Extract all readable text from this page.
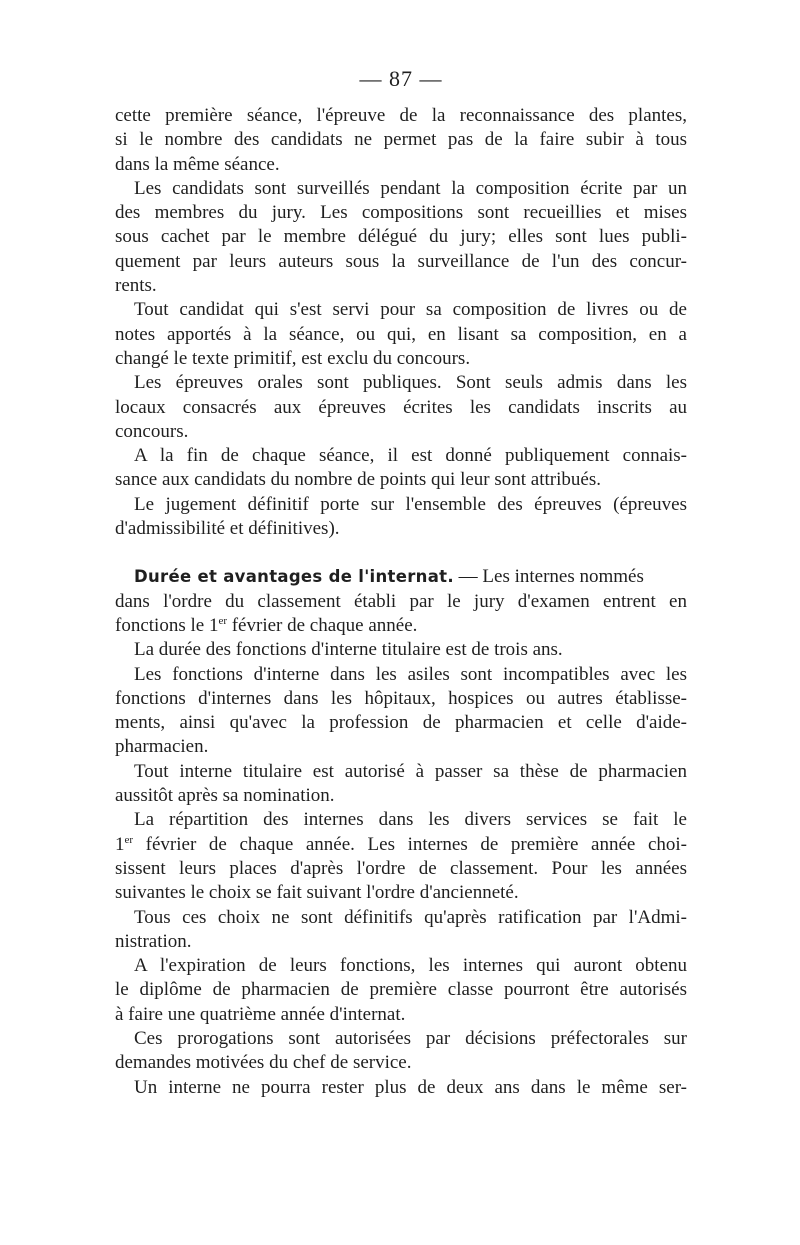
— 87 —
cette première séance, l'épreuve de la reconnaissance des plantes,
si le nombre des candidats ne permet pas de la faire subir à tous
dans la même séance.
Les candidats sont surveillés pendant la composition écrite par un
des membres du jury. Les compositions sont recueillies et mises
sous cachet par le membre délégué du jury; elles sont lues publi-
quement par leurs auteurs sous la surveillance de l'un des concur-
rents.
Tout candidat qui s'est servi pour sa composition de livres ou de
notes apportés à la séance, ou qui, en lisant sa composition, en a
changé le texte primitif, est exclu du concours.
Les épreuves orales sont publiques. Sont seuls admis dans les
locaux consacrés aux épreuves écrites les candidats inscrits au
concours.
A la fin de chaque séance, il est donné publiquement connais-
sance aux candidats du nombre de points qui leur sont attribués.
Le jugement définitif porte sur l'ensemble des épreuves (épreuves
d'admissibilité et définitives).
Durée et avantages de l'internat. — Les internes nommés
dans l'ordre du classement établi par le jury d'examen entrent en
fonctions le 1er février de chaque année.
La durée des fonctions d'interne titulaire est de trois ans.
Les fonctions d'interne dans les asiles sont incompatibles avec les
fonctions d'internes dans les hôpitaux, hospices ou autres établisse-
ments, ainsi qu'avec la profession de pharmacien et celle d'aide-
pharmacien.
Tout interne titulaire est autorisé à passer sa thèse de pharmacien
aussitôt après sa nomination.
La répartition des internes dans les divers services se fait le
1er février de chaque année. Les internes de première année choi-
sissent leurs places d'après l'ordre de classement. Pour les années
suivantes le choix se fait suivant l'ordre d'ancienneté.
Tous ces choix ne sont définitifs qu'après ratification par l'Admi-
nistration.
A l'expiration de leurs fonctions, les internes qui auront obtenu
le diplôme de pharmacien de première classe pourront être autorisés
à faire une quatrième année d'internat.
Ces prorogations sont autorisées par décisions préfectorales sur
demandes motivées du chef de service.
Un interne ne pourra rester plus de deux ans dans le même ser-
